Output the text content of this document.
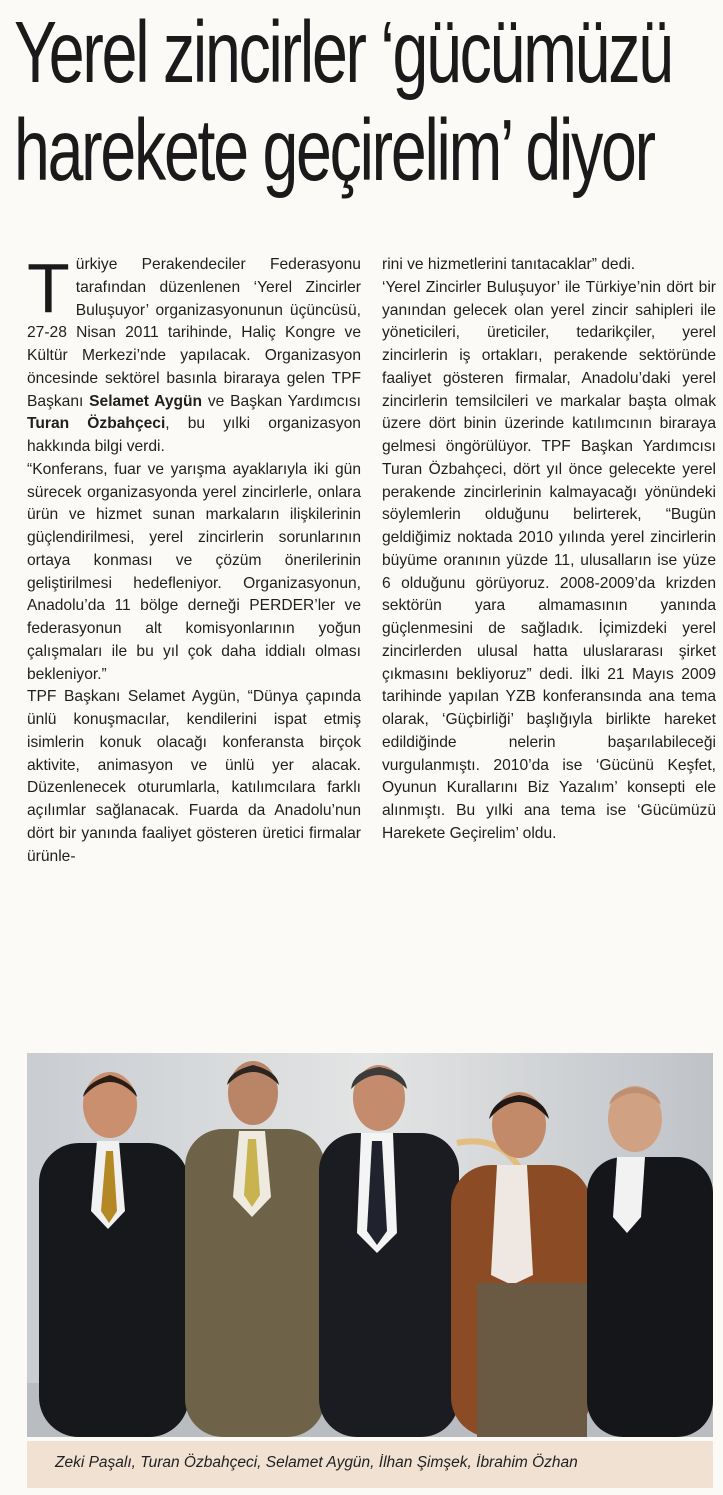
Yerel zincirler ‘gücümüzü
harekete geçirelim’ diyor

Türkiye Perakendeciler Federasyonu tarafından düzenlenen ‘Yerel Zincirler Buluşuyor’ organizasyonunun üçüncüsü, 27-28 Nisan 2011 tarihinde, Haliç Kongre ve Kültür Merkezi’nde yapılacak. Organizasyon öncesinde sektörel basınla biraraya gelen TPF Başkanı Selamet Aygün ve Başkan Yardımcısı Turan Özbahçeci, bu yılki organizasyon hakkında bilgi verdi.

“Konferans, fuar ve yarışma ayaklarıyla iki gün sürecek organizasyonda yerel zincirlerle, onlara ürün ve hizmet sunan markaların ilişkilerinin güçlendirilmesi, yerel zincirlerin sorunlarının ortaya konması ve çözüm önerilerinin geliştirilmesi hedefleniyor. Organizasyonun, Anadolu’da 11 bölge derneği PERDER’ler ve federasyonun alt komisyonlarının yoğun çalışmaları ile bu yıl çok daha iddialı olması bekleniyor.”

TPF Başkanı Selamet Aygün, “Dünya çapında ünlü konuşmacılar, kendilerini ispat etmiş isimlerin konuk olacağı konferansta birçok aktivite, animasyon ve ünlü yer alacak. Düzenlenecek oturumlarla, katılımcılara farklı açılımlar sağlanacak. Fuarda da Anadolu’nun dört bir yanında faaliyet gösteren üretici firmalar ürünle-

rini ve hizmetlerini tanıtacaklar” dedi.

‘Yerel Zincirler Buluşuyor’ ile Türkiye’nin dört bir yanından gelecek olan yerel zincir sahipleri ile yöneticileri, üreticiler, tedarikçiler, yerel zincirlerin iş ortakları, perakende sektöründe faaliyet gösteren firmalar, Anadolu’daki yerel zincirlerin temsilcileri ve markalar başta olmak üzere dört binin üzerinde katılımcının biraraya gelmesi öngörülüyor. TPF Başkan Yardımcısı Turan Özbahçeci, dört yıl önce gelecekte yerel perakende zincirlerinin kalmayacağı yönündeki söylemlerin olduğunu belirterek, “Bugün geldiğimiz noktada 2010 yılında yerel zincirlerin büyüme oranının yüzde 11, ulusalların ise yüze 6 olduğunu görüyoruz. 2008-2009’da krizden sektörün yara almamasının yanında güçlenmesini de sağladık. İçimizdeki yerel zincirlerden ulusal hatta uluslararası şirket çıkmasını bekliyoruz” dedi. İlki 21 Mayıs 2009 tarihinde yapılan YZB konferansında ana tema olarak, ‘Güçbirliği’ başlığıyla birlikte hareket edildiğinde nelerin başarılabileceği vurgulanmıştı. 2010’da ise ‘Gücünü Keşfet, Oyunun Kurallarını Biz Yazalım’ konsepti ele alınmıştı. Bu yılki ana tema ise ‘Gücümüzü Harekete Geçirelim’ oldu.

Zeki Paşalı, Turan Özbahçeci, Selamet Aygün, İlhan Şimşek, İbrahim Özhan
